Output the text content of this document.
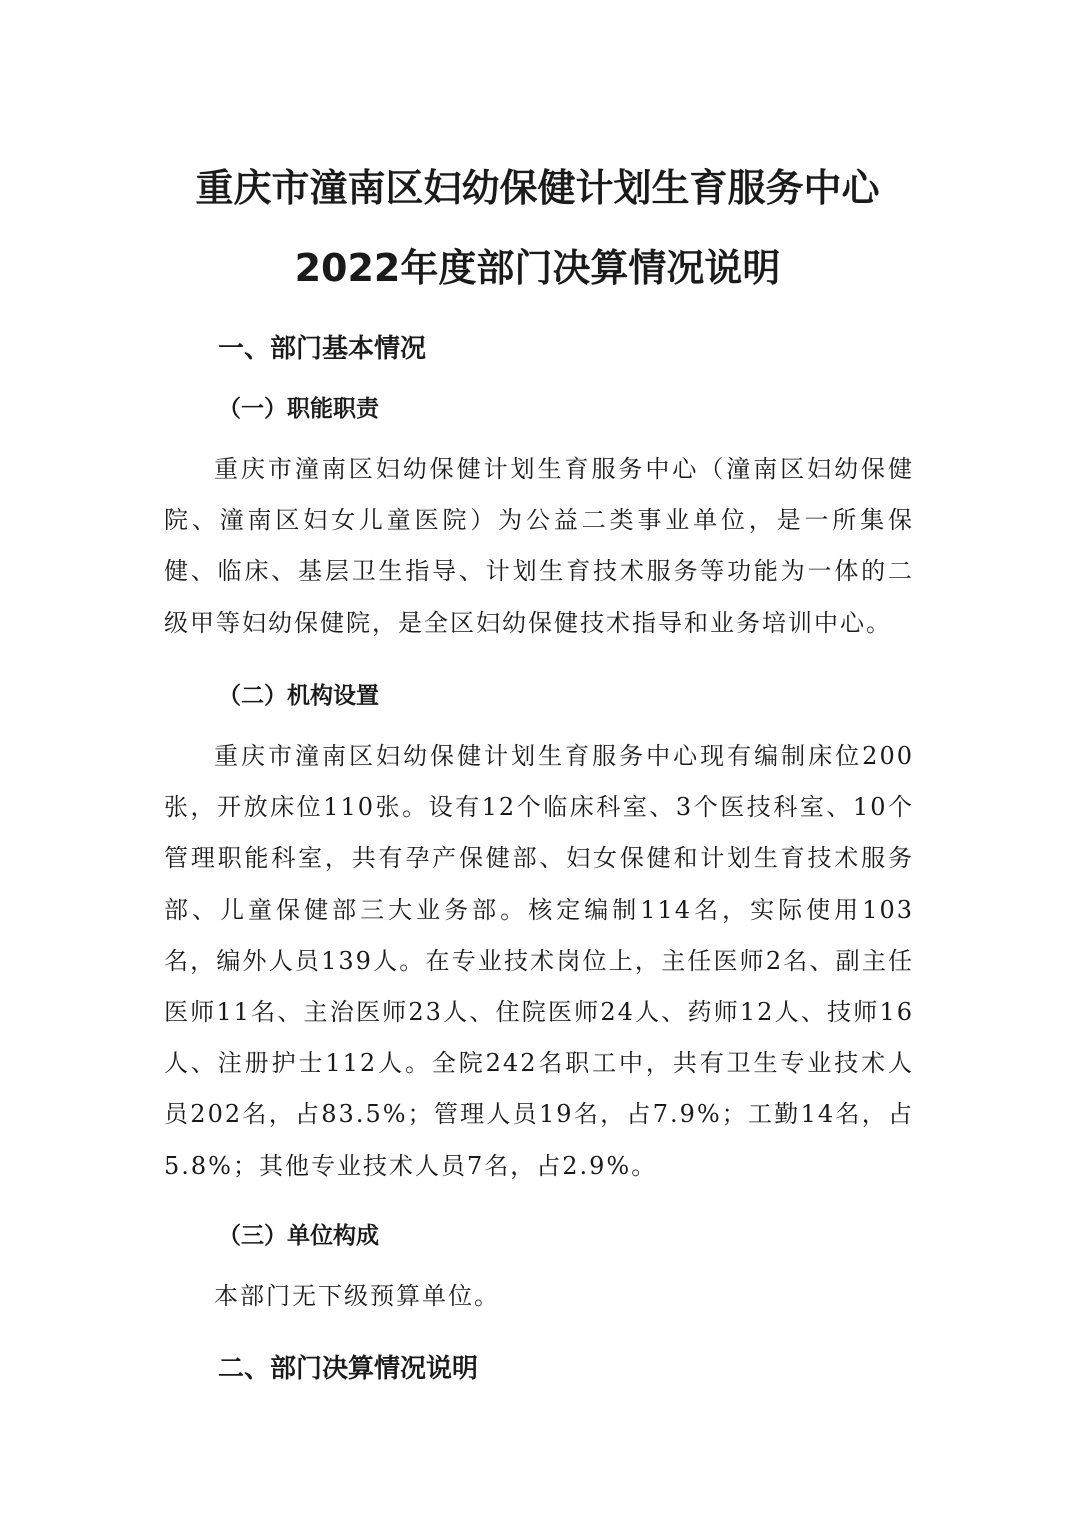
重庆市潼南区妇幼保健计划生育服务中心
2022年度部门决算情况说明
一、部门基本情况
（一）职能职责

重庆市潼南区妇幼保健计划生育服务中心（潼南区妇幼保健院、潼南区妇女儿童医院）为公益二类事业单位，是一所集保健、临床、基层卫生指导、计划生育技术服务等功能为一体的二级甲等妇幼保健院，是全区妇幼保健技术指导和业务培训中心。

（二）机构设置

重庆市潼南区妇幼保健计划生育服务中心现有编制床位200张，开放床位110张。设有12个临床科室、3个医技科室、10个管理职能科室，共有孕产保健部、妇女保健和计划生育技术服务部、儿童保健部三大业务部。核定编制114名，实际使用103名，编外人员139人。在专业技术岗位上，主任医师2名、副主任医师11名、主治医师23人、住院医师24人、药师12人、技师16人、注册护士112人。全院242名职工中，共有卫生专业技术人员202名，占83.5%；管理人员19名，占7.9%；工勤14名，占5.8%；其他专业技术人员7名，占2.9%。

（三）单位构成

本部门无下级预算单位。

二、部门决算情况说明
